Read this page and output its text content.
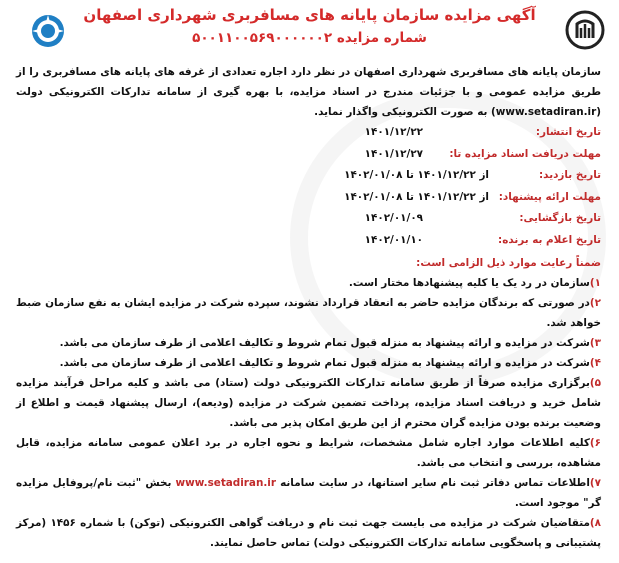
آگهی مزایده سازمان پایانه های مسافربری شهرداری اصفهان
شماره مزایده ۵۰۰۱۱۰۰۵۶۹۰۰۰۰۰۰۲
سازمان پایانه های مسافربری شهرداری اصفهان در نظر دارد اجاره تعدادی از غرفه های پایانه های مسافربری را از طریق مزایده عمومی و با جزئیات مندرج در اسناد مزایده، با بهره گیری از سامانه تدارکات الکترونیکی دولت (www.setadiran.ir) به صورت الکترونیکی واگذار نماید.
تاریخ انتشار:
۱۴۰۱/۱۲/۲۲
مهلت دریافت اسناد مزایده تا:
۱۴۰۱/۱۲/۲۷
تاریخ بازدید:
از ۱۴۰۱/۱۲/۲۲ تا ۱۴۰۲/۰۱/۰۸
مهلت ارائه پیشنهاد:
از ۱۴۰۱/۱۲/۲۲ تا ۱۴۰۲/۰۱/۰۸
تاریخ بازگشایی:
۱۴۰۲/۰۱/۰۹
تاریخ اعلام به برنده:
۱۴۰۲/۰۱/۱۰
ضمناً رعایت موارد ذیل الزامی است:
۱)سازمان در رد یک یا کلیه پیشنهادها مختار است.
۲)در صورتی که برندگان مزایده حاضر به انعقاد قرارداد نشوند، سپرده شرکت در مزایده ایشان به نفع سازمان ضبط خواهد شد.
۳)شرکت در مزایده و ارائه پیشنهاد به منزله قبول تمام شروط و تکالیف اعلامی از طرف سازمان می باشد.
۴)شرکت در مزایده و ارائه پیشنهاد به منزله قبول تمام شروط و تکالیف اعلامی از طرف سازمان می باشد.
۵)برگزاری مزایده صرفاً از طریق سامانه تدارکات الکترونیکی دولت (ستاد) می باشد و کلیه مراحل فرآیند مزایده شامل خرید و دریافت اسناد مزایده، پرداخت تضمین شرکت در مزایده (ودیعه)، ارسال پیشنهاد قیمت و اطلاع از وضعیت برنده بودن مزایده گران محترم از این طریق امکان پذیر می باشد.
۶)کلیه اطلاعات موارد اجاره شامل مشخصات، شرایط و نحوه اجاره در برد اعلان عمومی سامانه مزایده، قابل مشاهده، بررسی و انتخاب می باشد.
۷)اطلاعات تماس دفاتر ثبت نام سایر استانها، در سایت سامانه www.setadiran.ir بخش "ثبت نام/پروفایل مزایده گر" موجود است.
۸)متقاضیان شرکت در مزایده می بایست جهت ثبت نام و دریافت گواهی الکترونیکی (توکن) با شماره ۱۴۵۶ (مرکز پشتیبانی و پاسخگویی سامانه تدارکات الکترونیکی دولت) تماس حاصل نمایند.
